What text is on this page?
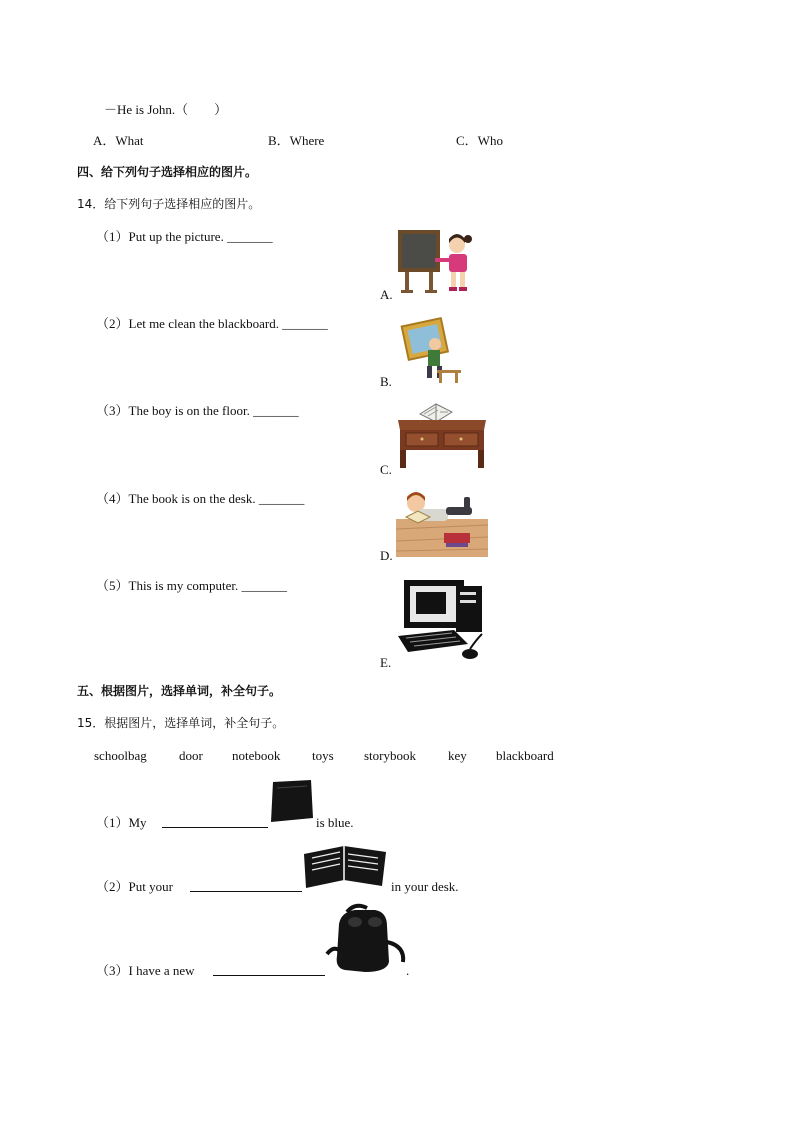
－He is John.（　　）
A．What	B．Where	C．Who
四、给下列句子选择相应的图片。
14．给下列句子选择相应的图片。
（1）Put up the picture. _______
（2）Let me clean the blackboard. _______
（3）The boy is on the floor. _______
（4）The book is on the desk. _______
（5）This is my computer. _______
A.
B.
C.
D.
E.
五、根据图片，选择单词，补全句子。
15．根据图片，选择单词，补全句子。
schoolbag door notebook toys storybook key blackboard
（1）My	is blue.
（2）Put your	in your desk.
（3）I have a new	.
